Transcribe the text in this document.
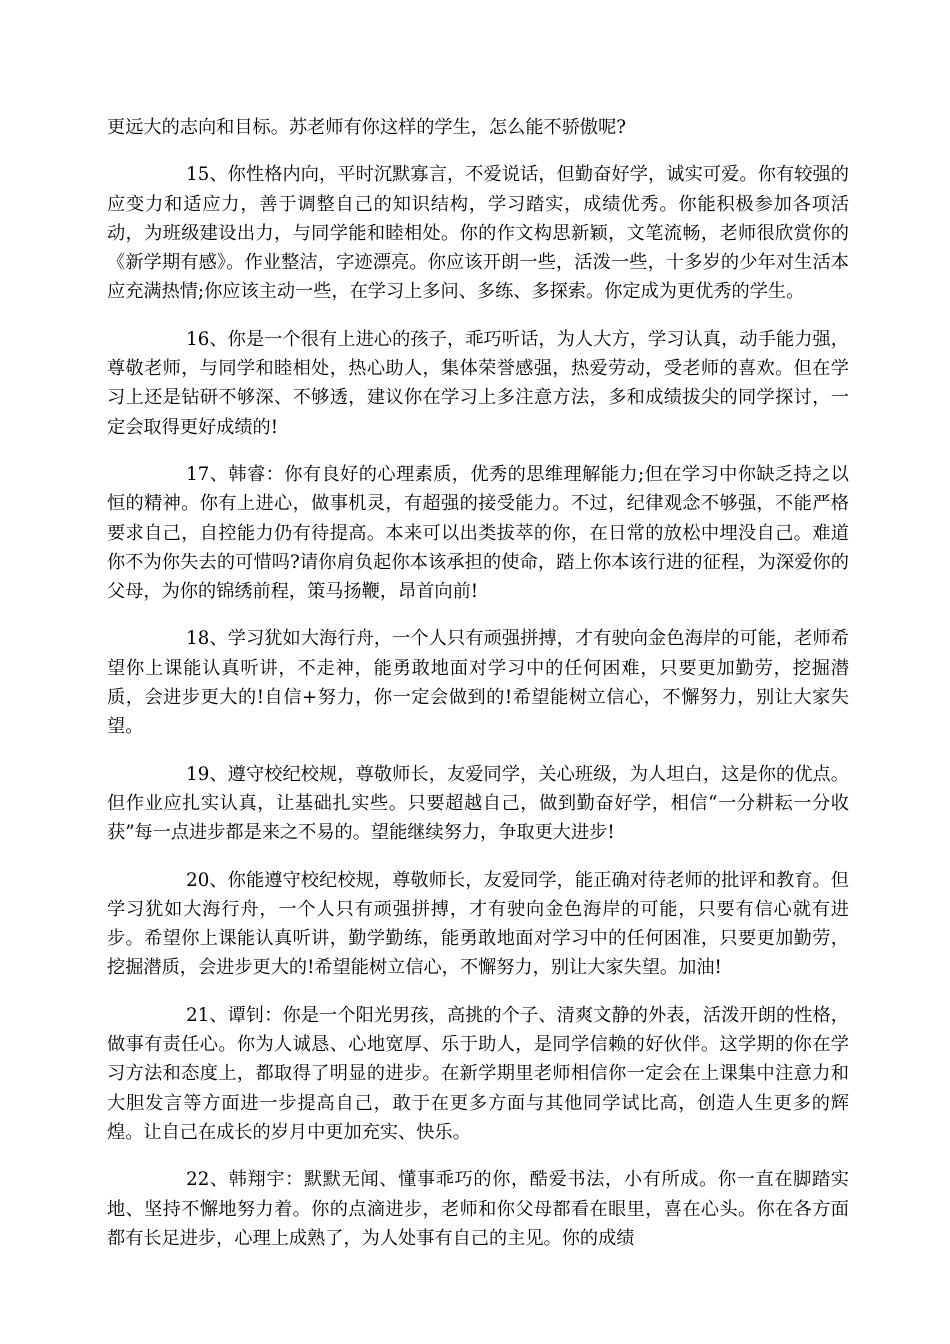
更远大的志向和目标。苏老师有你这样的学生，怎么能不骄傲呢?

15、你性格内向，平时沉默寡言，不爱说话，但勤奋好学，诚实可爱。你有较强的应变力和适应力，善于调整自己的知识结构，学习踏实，成绩优秀。你能积极参加各项活动，为班级建设出力，与同学能和睦相处。你的作文构思新颖，文笔流畅，老师很欣赏你的《新学期有感》。作业整洁，字迹漂亮。你应该开朗一些，活泼一些，十多岁的少年对生活本应充满热情;你应该主动一些，在学习上多问、多练、多探索。你定成为更优秀的学生。

16、你是一个很有上进心的孩子，乖巧听话，为人大方，学习认真，动手能力强，尊敬老师，与同学和睦相处，热心助人，集体荣誉感强，热爱劳动，受老师的喜欢。但在学习上还是钻研不够深、不够透，建议你在学习上多注意方法，多和成绩拔尖的同学探讨，一定会取得更好成绩的!

17、韩睿：你有良好的心理素质，优秀的思维理解能力;但在学习中你缺乏持之以恒的精神。你有上进心，做事机灵，有超强的接受能力。不过，纪律观念不够强，不能严格要求自己，自控能力仍有待提高。本来可以出类拔萃的你，在日常的放松中埋没自己。难道你不为你失去的可惜吗?请你肩负起你本该承担的使命，踏上你本该行进的征程，为深爱你的父母，为你的锦绣前程，策马扬鞭，昂首向前!

18、学习犹如大海行舟，一个人只有顽强拼搏，才有驶向金色海岸的可能，老师希望你上课能认真听讲，不走神，能勇敢地面对学习中的任何困难，只要更加勤劳，挖掘潜质，会进步更大的!自信+努力，你一定会做到的!希望能树立信心，不懈努力，别让大家失望。

19、遵守校纪校规，尊敬师长，友爱同学，关心班级，为人坦白，这是你的优点。但作业应扎实认真，让基础扎实些。只要超越自己，做到勤奋好学，相信“一分耕耘一分收获”每一点进步都是来之不易的。望能继续努力，争取更大进步!

20、你能遵守校纪校规，尊敬师长，友爱同学，能正确对待老师的批评和教育。但学习犹如大海行舟，一个人只有顽强拼搏，才有驶向金色海岸的可能，只要有信心就有进步。希望你上课能认真听讲，勤学勤练，能勇敢地面对学习中的任何困准，只要更加勤劳，挖掘潜质，会进步更大的!希望能树立信心，不懈努力，别让大家失望。加油!

21、谭钊：你是一个阳光男孩，高挑的个子、清爽文静的外表，活泼开朗的性格，做事有责任心。你为人诚恳、心地宽厚、乐于助人，是同学信赖的好伙伴。这学期的你在学习方法和态度上，都取得了明显的进步。在新学期里老师相信你一定会在上课集中注意力和大胆发言等方面进一步提高自己，敢于在更多方面与其他同学试比高，创造人生更多的辉煌。让自己在成长的岁月中更加充实、快乐。

22、韩翔宇：默默无闻、懂事乖巧的你，酷爱书法，小有所成。你一直在脚踏实地、坚持不懈地努力着。你的点滴进步，老师和你父母都看在眼里，喜在心头。你在各方面都有长足进步，心理上成熟了，为人处事有自己的主见。你的成绩
